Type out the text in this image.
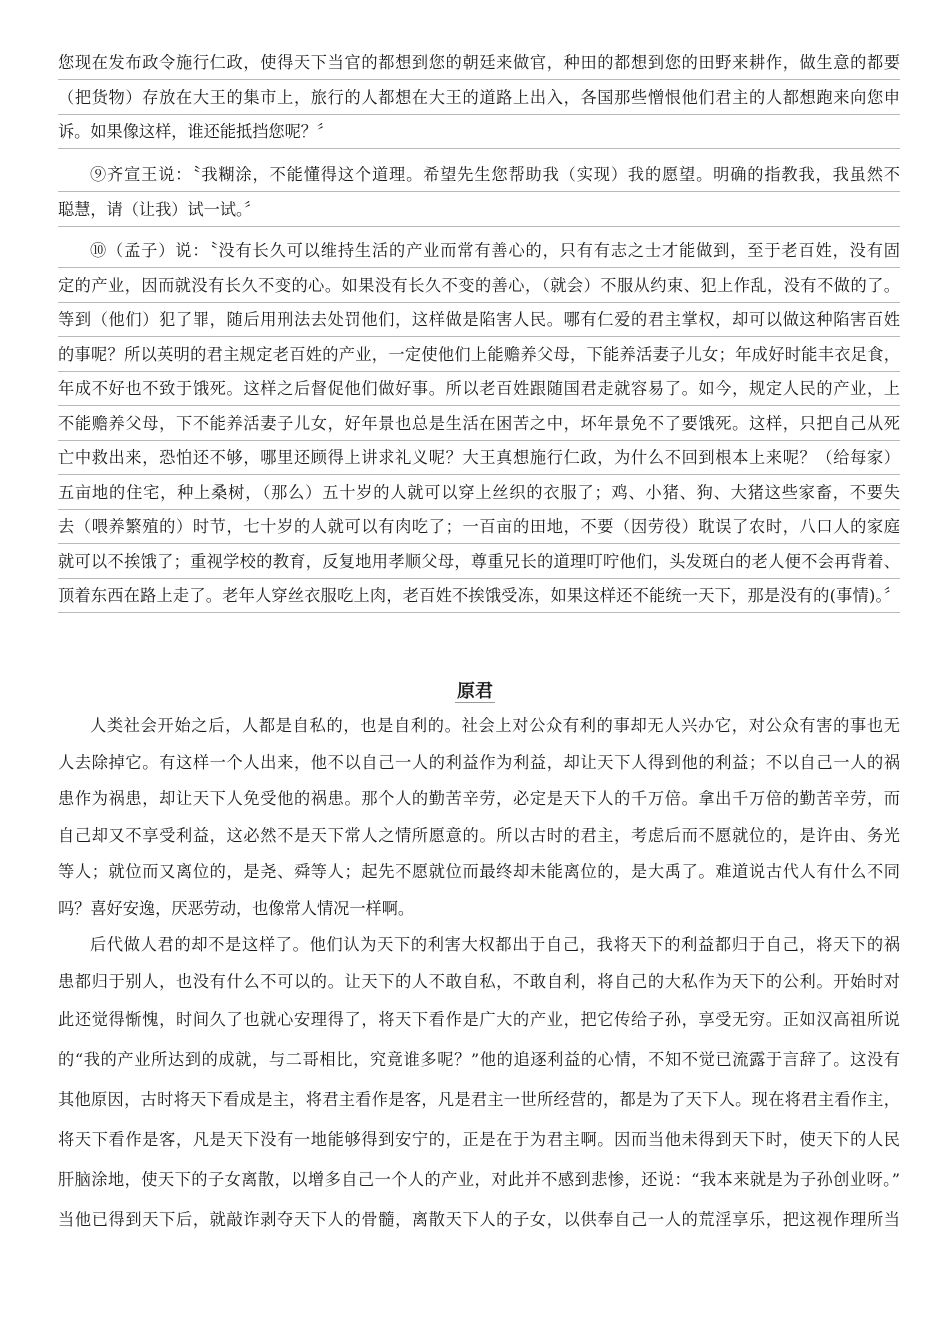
您现在发布政令施行仁政，使得天下当官的都想到您的朝廷来做官，种田的都想到您的田野来耕作，做生意的都要
（把货物）存放在大王的集市上，旅行的人都想在大王的道路上出入，各国那些憎恨他们君主的人都想跑来向您申
诉。如果像这样，谁还能抵挡您呢？〞
⑨齐宣王说：〝我糊涂，不能懂得这个道理。希望先生您帮助我（实现）我的愿望。明确的指教我，我虽然不
聪慧，请（让我）试一试。〞
⑩（孟子）说：〝没有长久可以维持生活的产业而常有善心的，只有有志之士才能做到，至于老百姓，没有固
定的产业，因而就没有长久不变的心。如果没有长久不变的善心，（就会）不服从约束、犯上作乱，没有不做的了。
等到（他们）犯了罪，随后用刑法去处罚他们，这样做是陷害人民。哪有仁爱的君主掌权，却可以做这种陷害百姓
的事呢？所以英明的君主规定老百姓的产业，一定使他们上能赡养父母，下能养活妻子儿女；年成好时能丰衣足食，
年成不好也不致于饿死。这样之后督促他们做好事。所以老百姓跟随国君走就容易了。如今，规定人民的产业，上
不能赡养父母，下不能养活妻子儿女，好年景也总是生活在困苦之中，坏年景免不了要饿死。这样，只把自己从死
亡中救出来，恐怕还不够，哪里还顾得上讲求礼义呢？大王真想施行仁政，为什么不回到根本上来呢？（给每家）
五亩地的住宅，种上桑树，（那么）五十岁的人就可以穿上丝织的衣服了；鸡、小猪、狗、大猪这些家畜，不要失
去（喂养繁殖的）时节，七十岁的人就可以有肉吃了；一百亩的田地，不要（因劳役）耽误了农时，八口人的家庭
就可以不挨饿了；重视学校的教育，反复地用孝顺父母，尊重兄长的道理叮咛他们，头发斑白的老人便不会再背着、
顶着东西在路上走了。老年人穿丝衣服吃上肉，老百姓不挨饿受冻，如果这样还不能统一天下，那是没有的(事情)。〞
原君
人类社会开始之后，人都是自私的，也是自利的。社会上对公众有利的事却无人兴办它，对公众有害的事也无
人去除掉它。有这样一个人出来，他不以自己一人的利益作为利益，却让天下人得到他的利益；不以自己一人的祸
患作为祸患，却让天下人免受他的祸患。那个人的勤苦辛劳，必定是天下人的千万倍。拿出千万倍的勤苦辛劳，而
自己却又不享受利益，这必然不是天下常人之情所愿意的。所以古时的君主，考虑后而不愿就位的，是许由、务光
等人；就位而又离位的，是尧、舜等人；起先不愿就位而最终却未能离位的，是大禹了。难道说古代人有什么不同
吗？喜好安逸，厌恶劳动，也像常人情况一样啊。
后代做人君的却不是这样了。他们认为天下的利害大权都出于自己，我将天下的利益都归于自己，将天下的祸
患都归于别人，也没有什么不可以的。让天下的人不敢自私，不敢自利，将自己的大私作为天下的公利。开始时对
此还觉得惭愧，时间久了也就心安理得了，将天下看作是广大的产业，把它传给子孙，享受无穷。正如汉高祖所说
的“我的产业所达到的成就，与二哥相比，究竟谁多呢？”他的追逐利益的心情，不知不觉已流露于言辞了。这没有
其他原因，古时将天下看成是主，将君主看作是客，凡是君主一世所经营的，都是为了天下人。现在将君主看作主，
将天下看作是客，凡是天下没有一地能够得到安宁的，正是在于为君主啊。因而当他未得到天下时，使天下的人民
肝脑涂地，使天下的子女离散，以增多自己一个人的产业，对此并不感到悲惨，还说：“我本来就是为子孙创业呀。”
当他已得到天下后，就敲诈剥夺天下人的骨髓，离散天下人的子女，以供奉自己一人的荒淫享乐，把这视作理所当
